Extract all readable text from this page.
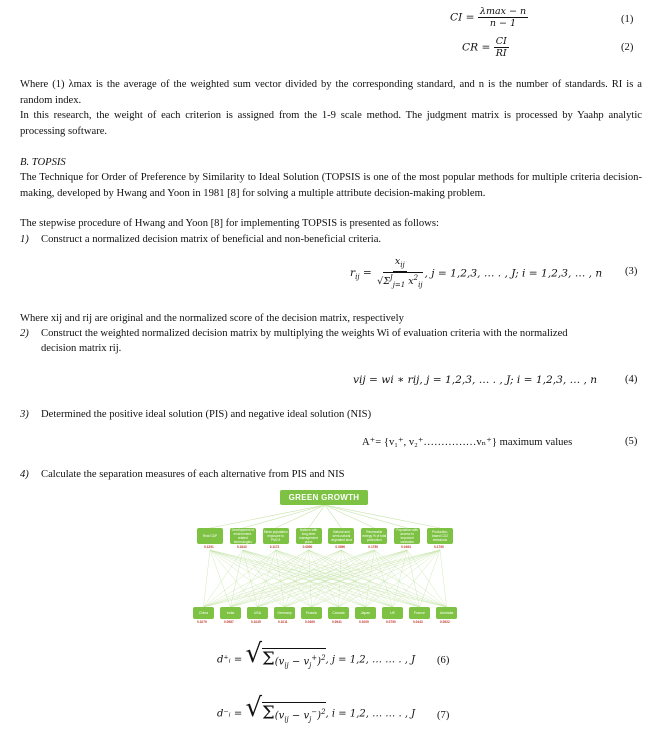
CI = $\frac{\lambda\max - n}{n - 1}$	(1)
CR = $\frac{CI}{RI}$	(2)
Where (1) λmax is the average of the weighted sum vector divided by the corresponding standard, and n is the number of standards. RI is a random index.
In this research, the weight of each criterion is assigned from the 1-9 scale method. The judgment matrix is processed by Yaahp analytic processing software.
B. TOPSIS
The Technique for Order of Preference by Similarity to Ideal Solution (TOPSIS is one of the most popular methods for multiple criteria decision-making, developed by Hwang and Yoon in 1981 [8] for solving a multiple attribute decision-making problem.
The stepwise procedure of Hwang and Yoon [8] for implementing TOPSIS is presented as follows:
1) Construct a normalized decision matrix of beneficial and non-beneficial criteria.
$r_{ij} = \frac{x_{ij}}{√\Sigma^J_{j=1} x^2_{ij}}$ , j = 1,2,3, … . , J; i = 1,2,3, … , n (3)
Where xij and rij are original and the normalized score of the decision matrix, respectively
2) Construct the weighted normalized decision matrix by multiplying the weights Wi of evaluation criteria with the normalized
decision matrix rij.
vij = wi ∗ rij, j = 1,2,3, … . , J; i = 1,2,3, … , n	(4)
3) Determined the positive ideal solution (PIS) and negative ideal solution (NIS)
A⁺= {v₁⁺, v₂⁺……………vₙ⁺} maximum values	(5)
4) Calculate the separation measures of each alternative from PIS and NIS
GREEN GROWTH
Real GDP
0.1291
Development of environment-related technologies
0.1843
Mean population exposure to PM2.5
0.1172
Nations with long-term management plans
0.0890
Natural and semi-natural vegetated land
0.0890
Renewable energy % of total production
0.1790
Population with access to improved sanitation
0.0494
Production-based CO2 emissions
0.1790
China
0.1079
India
0.0987
USA
0.1045
Germany
0.1011
Russia
0.0469
Canada
0.0941
Japan
0.1009
UK
0.0750
France
0.0443
Australia
0.0522
d⁺ᵢ = $√\Sigma(v_{ij} - v_j^+)^2$, j = 1,2, … … . , J (6)
d⁻ᵢ = $√\Sigma(v_{ij} - v_j^-)^2$, i = 1,2, … … . , J (7)
